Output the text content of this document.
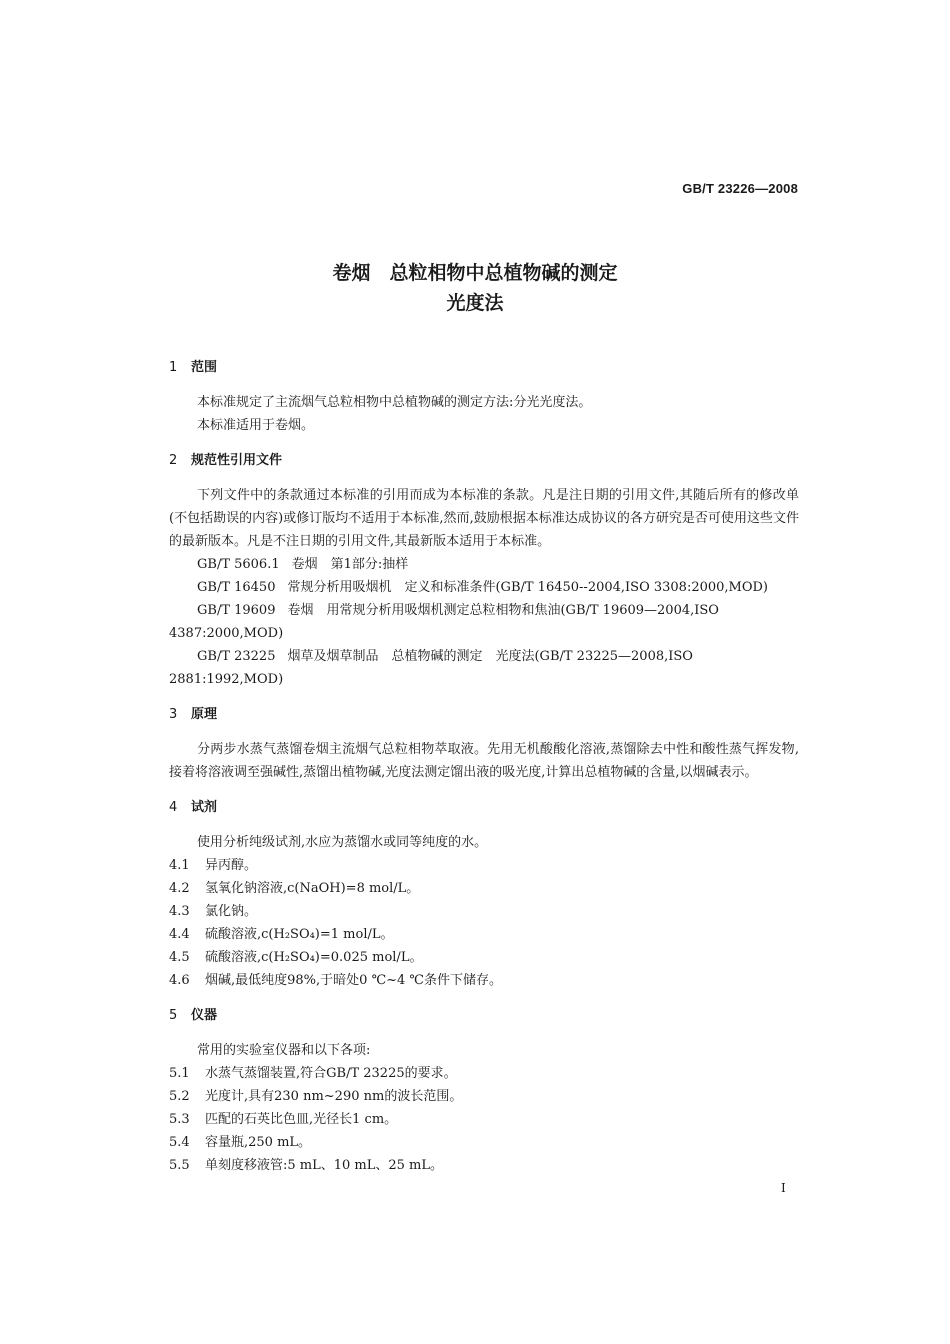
GB/T 23226—2008
卷烟　总粒相物中总植物碱的测定
光度法
1 范围

本标准规定了主流烟气总粒相物中总植物碱的测定方法:分光光度法。

本标准适用于卷烟。

2 规范性引用文件

下列文件中的条款通过本标准的引用而成为本标准的条款。凡是注日期的引用文件,其随后所有的修改单(不包括勘误的内容)或修订版均不适用于本标准,然而,鼓励根据本标准达成协议的各方研究是否可使用这些文件的最新版本。凡是不注日期的引用文件,其最新版本适用于本标准。

GB/T 5606.1 卷烟　第1部分:抽样

GB/T 16450 常规分析用吸烟机　定义和标准条件(GB/T 16450--2004,ISO 3308:2000,MOD)

GB/T 19609 卷烟　用常规分析用吸烟机测定总粒相物和焦油(GB/T 19609—2004,ISO 4387:2000,MOD)

GB/T 23225 烟草及烟草制品　总植物碱的测定　光度法(GB/T 23225—2008,ISO 2881:1992,MOD)

3 原理

分两步水蒸气蒸馏卷烟主流烟气总粒相物萃取液。先用无机酸酸化溶液,蒸馏除去中性和酸性蒸气挥发物,接着将溶液调至强碱性,蒸馏出植物碱,光度法测定馏出液的吸光度,计算出总植物碱的含量,以烟碱表示。

4 试剂

使用分析纯级试剂,水应为蒸馏水或同等纯度的水。

4.1 异丙醇。

4.2 氢氧化钠溶液,c(NaOH)=8 mol/L。

4.3 氯化钠。

4.4 硫酸溶液,c(H₂SO₄)=1 mol/L。

4.5 硫酸溶液,c(H₂SO₄)=0.025 mol/L。

4.6 烟碱,最低纯度98%,于暗处0 ℃~4 ℃条件下储存。

5 仪器

常用的实验室仪器和以下各项:

5.1 水蒸气蒸馏装置,符合GB/T 23225的要求。

5.2 光度计,具有230 nm~290 nm的波长范围。

5.3 匹配的石英比色皿,光径长1 cm。

5.4 容量瓶,250 mL。

5.5 单刻度移液管:5 mL、10 mL、25 mL。

I
